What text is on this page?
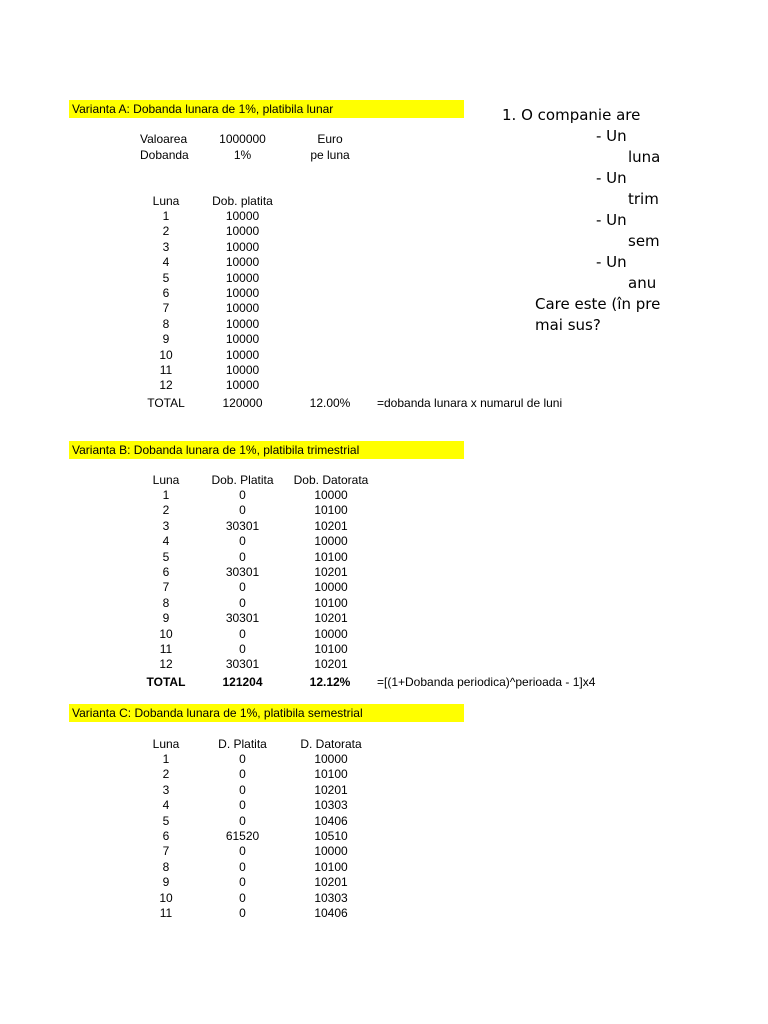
Varianta A: Dobanda lunara de 1%, platibila lunar
Valoarea	1000000	Euro
Dobanda	1%	pe luna
Luna	Dob. platita
1	10000
2	10000
3	10000
4	10000
5	10000
6	10000
7	10000
8	10000
9	10000
10	10000
11	10000
12	10000
TOTAL	120000	12.00%	=dobanda lunara x numarul de luni
Varianta B: Dobanda lunara de 1%, platibila trimestrial
Luna	Dob. Platita	Dob. Datorata
1	0	10000
2	0	10100
3	30301	10201
4	0	10000
5	0	10100
6	30301	10201
7	0	10000
8	0	10100
9	30301	10201
10	0	10000
11	0	10100
12	30301	10201
TOTAL	121204	12.12%	=[(1+Dobanda periodica)^perioada - 1]x4
Varianta C: Dobanda lunara de 1%, platibila semestrial
Luna	D. Platita	D. Datorata
1	0	10000
2	0	10100
3	0	10201
4	0	10303
5	0	10406
6	61520	10510
7	0	10000
8	0	10100
9	0	10201
10	0	10303
11	0	10406
1. O companie are
- Un
luna
- Un
trim
- Un
sem
- Un
anu
Care este (în pre
mai sus?
